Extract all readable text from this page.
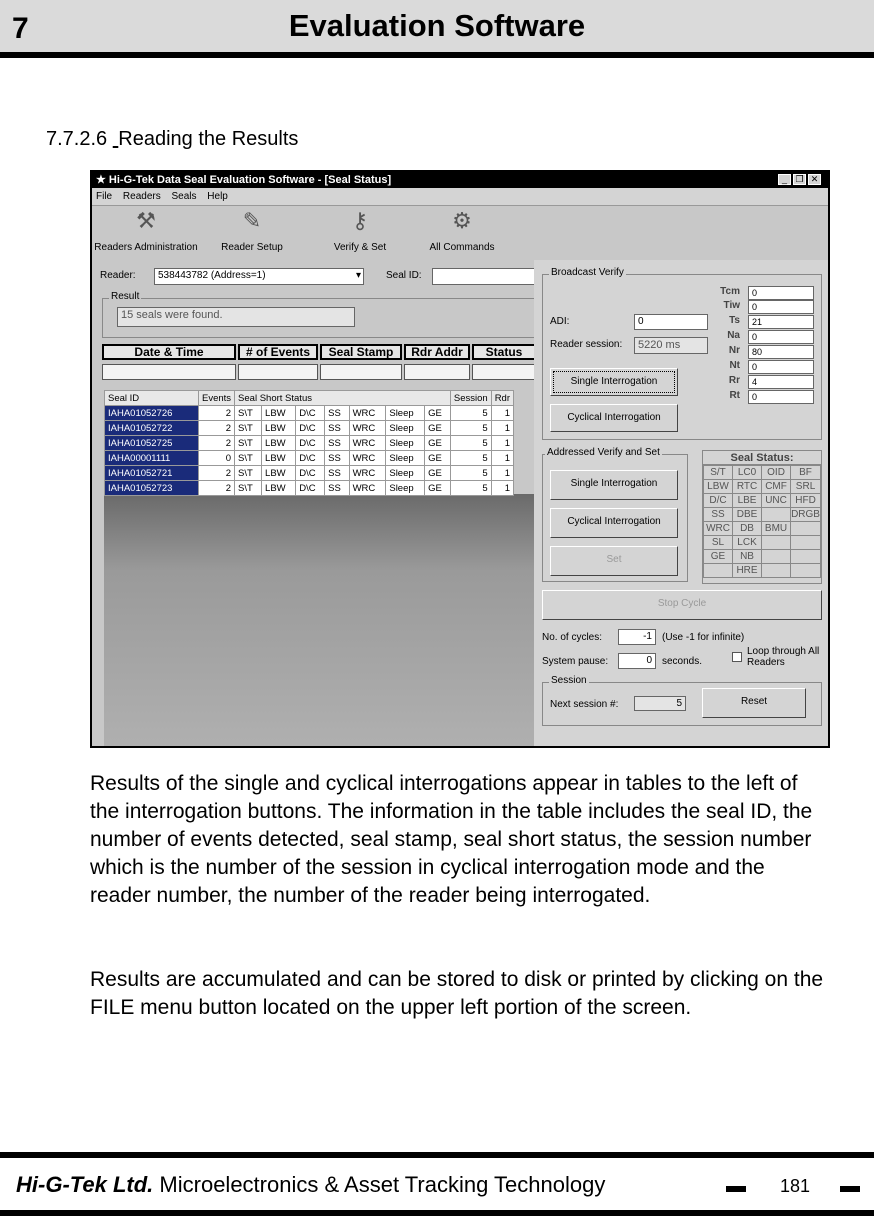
7	Evaluation Software
7.7.2.6 Reading the Results
★ Hi-G-Tek Data Seal Evaluation Software - [Seal Status]	_ ❐ ✕
File Readers Seals Help
⚒
Readers Administration
✎
Reader Setup
⚷
Verify & Set
⚙
All Commands
Reader:	538443782 (Address=1)	▾	Seal ID:
Result
15 seals were found.
Date & Time	# of Events	Seal Stamp	Rdr Addr	Status
Seal ID	Events	Seal Short Status							Session	Rdr
IAHA01052726	2	S\T	LBW	D\C	SS	WRC	Sleep	GE	5	1
IAHA01052722	2	S\T	LBW	D\C	SS	WRC	Sleep	GE	5	1
IAHA01052725	2	S\T	LBW	D\C	SS	WRC	Sleep	GE	5	1
IAHA00001111	0	S\T	LBW	D\C	SS	WRC	Sleep	GE	5	1
IAHA01052721	2	S\T	LBW	D\C	SS	WRC	Sleep	GE	5	1
IAHA01052723	2	S\T	LBW	D\C	SS	WRC	Sleep	GE	5	1
Broadcast Verify
ADI:	0
Reader session:	5220 ms
Single Interrogation
Cyclical Interrogation
Tcm	0
Tiw	0
Ts	21
Na	0
Nr	80
Nt	0
Rr	4
Rt	0
Addressed Verify and Set
Single Interrogation
Cyclical Interrogation
Set
Seal Status:
S/T	LC0	OID	BF
LBW	RTC	CMF	SRL
D/C	LBE	UNC	HFD
SS	DBE		DRGB
WRC	DB	BMU	
SL	LCK		
GE	NB		
	HRE		
Stop Cycle
No. of cycles:	-1	(Use -1 for infinite)
System pause:	0	seconds.
Loop through All Readers
Session
Next session #:	5	Reset
Results of the single and cyclical interrogations appear in tables to the left of the interrogation buttons. The information in the table includes the seal ID, the number of events detected, seal stamp, seal short status, the session number which is the number of the session in cyclical interrogation mode and the reader number, the number of the reader being interrogated.
Results are accumulated and can be stored to disk or printed by clicking on the FILE menu button located on the upper left portion of the screen.
Hi-G-Tek Ltd. Microelectronics & Asset Tracking Technology	181
